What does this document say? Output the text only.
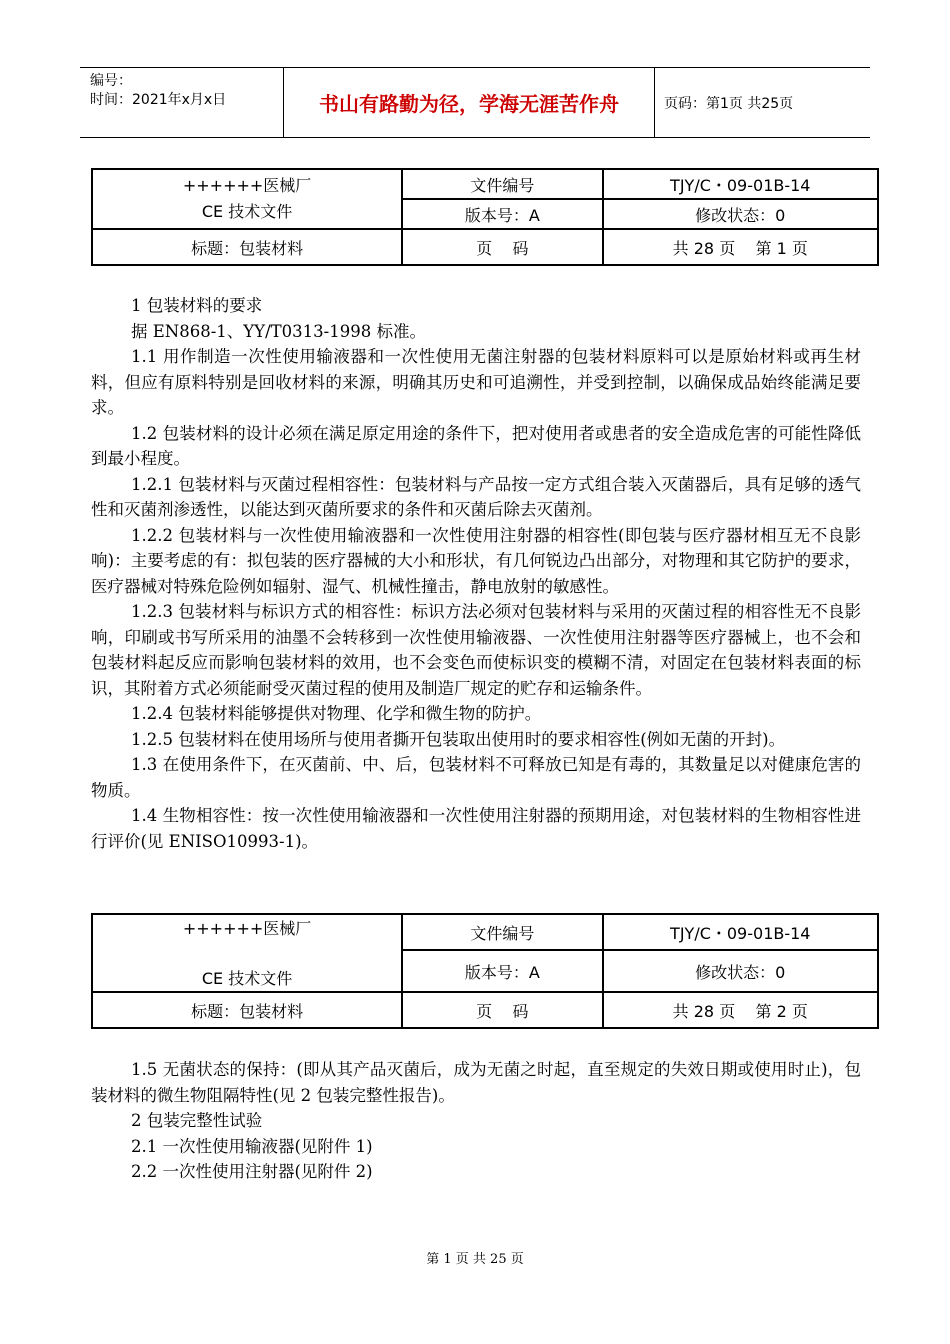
编号：
时间：2021年x月x日	书山有路勤为径，学海无涯苦作舟	页码：第1页 共25页
++++++医械厂
CE 技术文件	文件编号	TJY/C・09-01B-14
	版本号：A	修改状态：0
标题：包装材料	页    码	共 28 页    第 1 页

1 包装材料的要求

据 EN868-1、YY/T0313-1998 标准。

1.1 用作制造一次性使用输液器和一次性使用无菌注射器的包装材料原料可以是原始材料或再生材料，但应有原料特别是回收材料的来源，明确其历史和可追溯性，并受到控制，以确保成品始终能满足要求。

1.2 包装材料的设计必须在满足原定用途的条件下，把对使用者或患者的安全造成危害的可能性降低到最小程度。

1.2.1 包装材料与灭菌过程相容性：包装材料与产品按一定方式组合装入灭菌器后，具有足够的透气性和灭菌剂渗透性，以能达到灭菌所要求的条件和灭菌后除去灭菌剂。

1.2.2 包装材料与一次性使用输液器和一次性使用注射器的相容性(即包装与医疗器材相互无不良影响)：主要考虑的有：拟包装的医疗器械的大小和形状，有几何锐边凸出部分，对物理和其它防护的要求，医疗器械对特殊危险例如辐射、湿气、机械性撞击，静电放射的敏感性。

1.2.3 包装材料与标识方式的相容性：标识方法必须对包装材料与采用的灭菌过程的相容性无不良影响，印刷或书写所采用的油墨不会转移到一次性使用输液器、一次性使用注射器等医疗器械上，也不会和包装材料起反应而影响包装材料的效用，也不会变色而使标识变的模糊不清，对固定在包装材料表面的标识，其附着方式必须能耐受灭菌过程的使用及制造厂规定的贮存和运输条件。

1.2.4 包装材料能够提供对物理、化学和微生物的防护。

1.2.5 包装材料在使用场所与使用者撕开包装取出使用时的要求相容性(例如无菌的开封)。

1.3 在使用条件下，在灭菌前、中、后，包装材料不可释放已知是有毒的，其数量足以对健康危害的物质。

1.4 生物相容性：按一次性使用输液器和一次性使用注射器的预期用途，对包装材料的生物相容性进行评价(见 ENISO10993-1)。

++++++医械厂
CE 技术文件	文件编号	TJY/C・09-01B-14
	版本号：A	修改状态：0
标题：包装材料	页    码	共 28 页    第 2 页

1.5 无菌状态的保持：(即从其产品灭菌后，成为无菌之时起，直至规定的失效日期或使用时止)，包装材料的微生物阻隔特性(见 2 包装完整性报告)。

2 包装完整性试验

2.1 一次性使用输液器(见附件 1)

2.2 一次性使用注射器(见附件 2)

第 1 页 共 25 页
